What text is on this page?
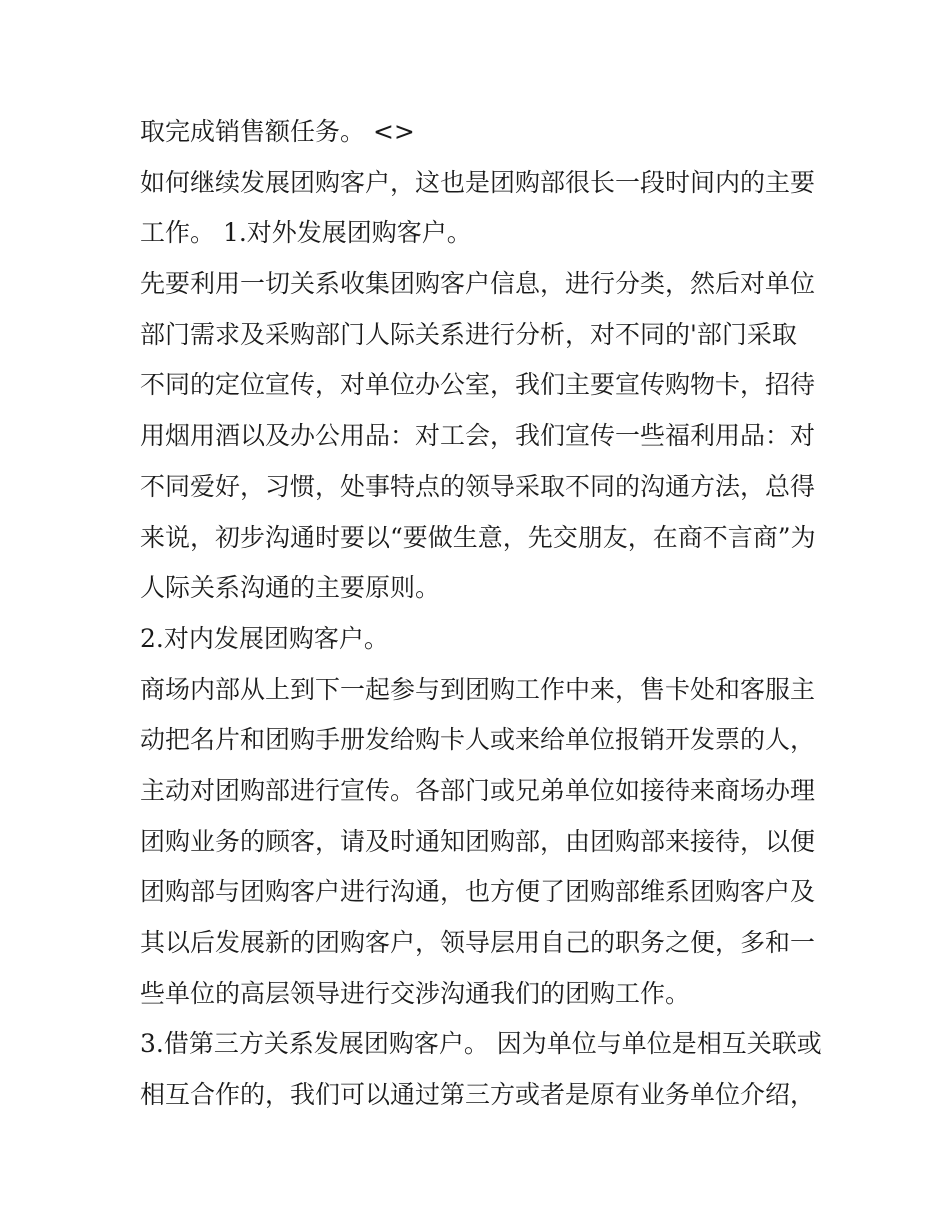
取完成销售额任务。 <>
如何继续发展团购客户，这也是团购部很长一段时间内的主要
工作。 1.对外发展团购客户。
先要利用一切关系收集团购客户信息，进行分类，然后对单位
部门需求及采购部门人际关系进行分析，对不同的'部门采取
不同的定位宣传，对单位办公室，我们主要宣传购物卡，招待
用烟用酒以及办公用品：对工会，我们宣传一些福利用品：对
不同爱好，习惯，处事特点的领导采取不同的沟通方法，总得
来说，初步沟通时要以“要做生意，先交朋友，在商不言商”为
人际关系沟通的主要原则。
2.对内发展团购客户。
商场内部从上到下一起参与到团购工作中来，售卡处和客服主
动把名片和团购手册发给购卡人或来给单位报销开发票的人，
主动对团购部进行宣传。各部门或兄弟单位如接待来商场办理
团购业务的顾客，请及时通知团购部，由团购部来接待，以便
团购部与团购客户进行沟通，也方便了团购部维系团购客户及
其以后发展新的团购客户，领导层用自己的职务之便，多和一
些单位的高层领导进行交涉沟通我们的团购工作。
3.借第三方关系发展团购客户。 因为单位与单位是相互关联或
相互合作的，我们可以通过第三方或者是原有业务单位介绍，
